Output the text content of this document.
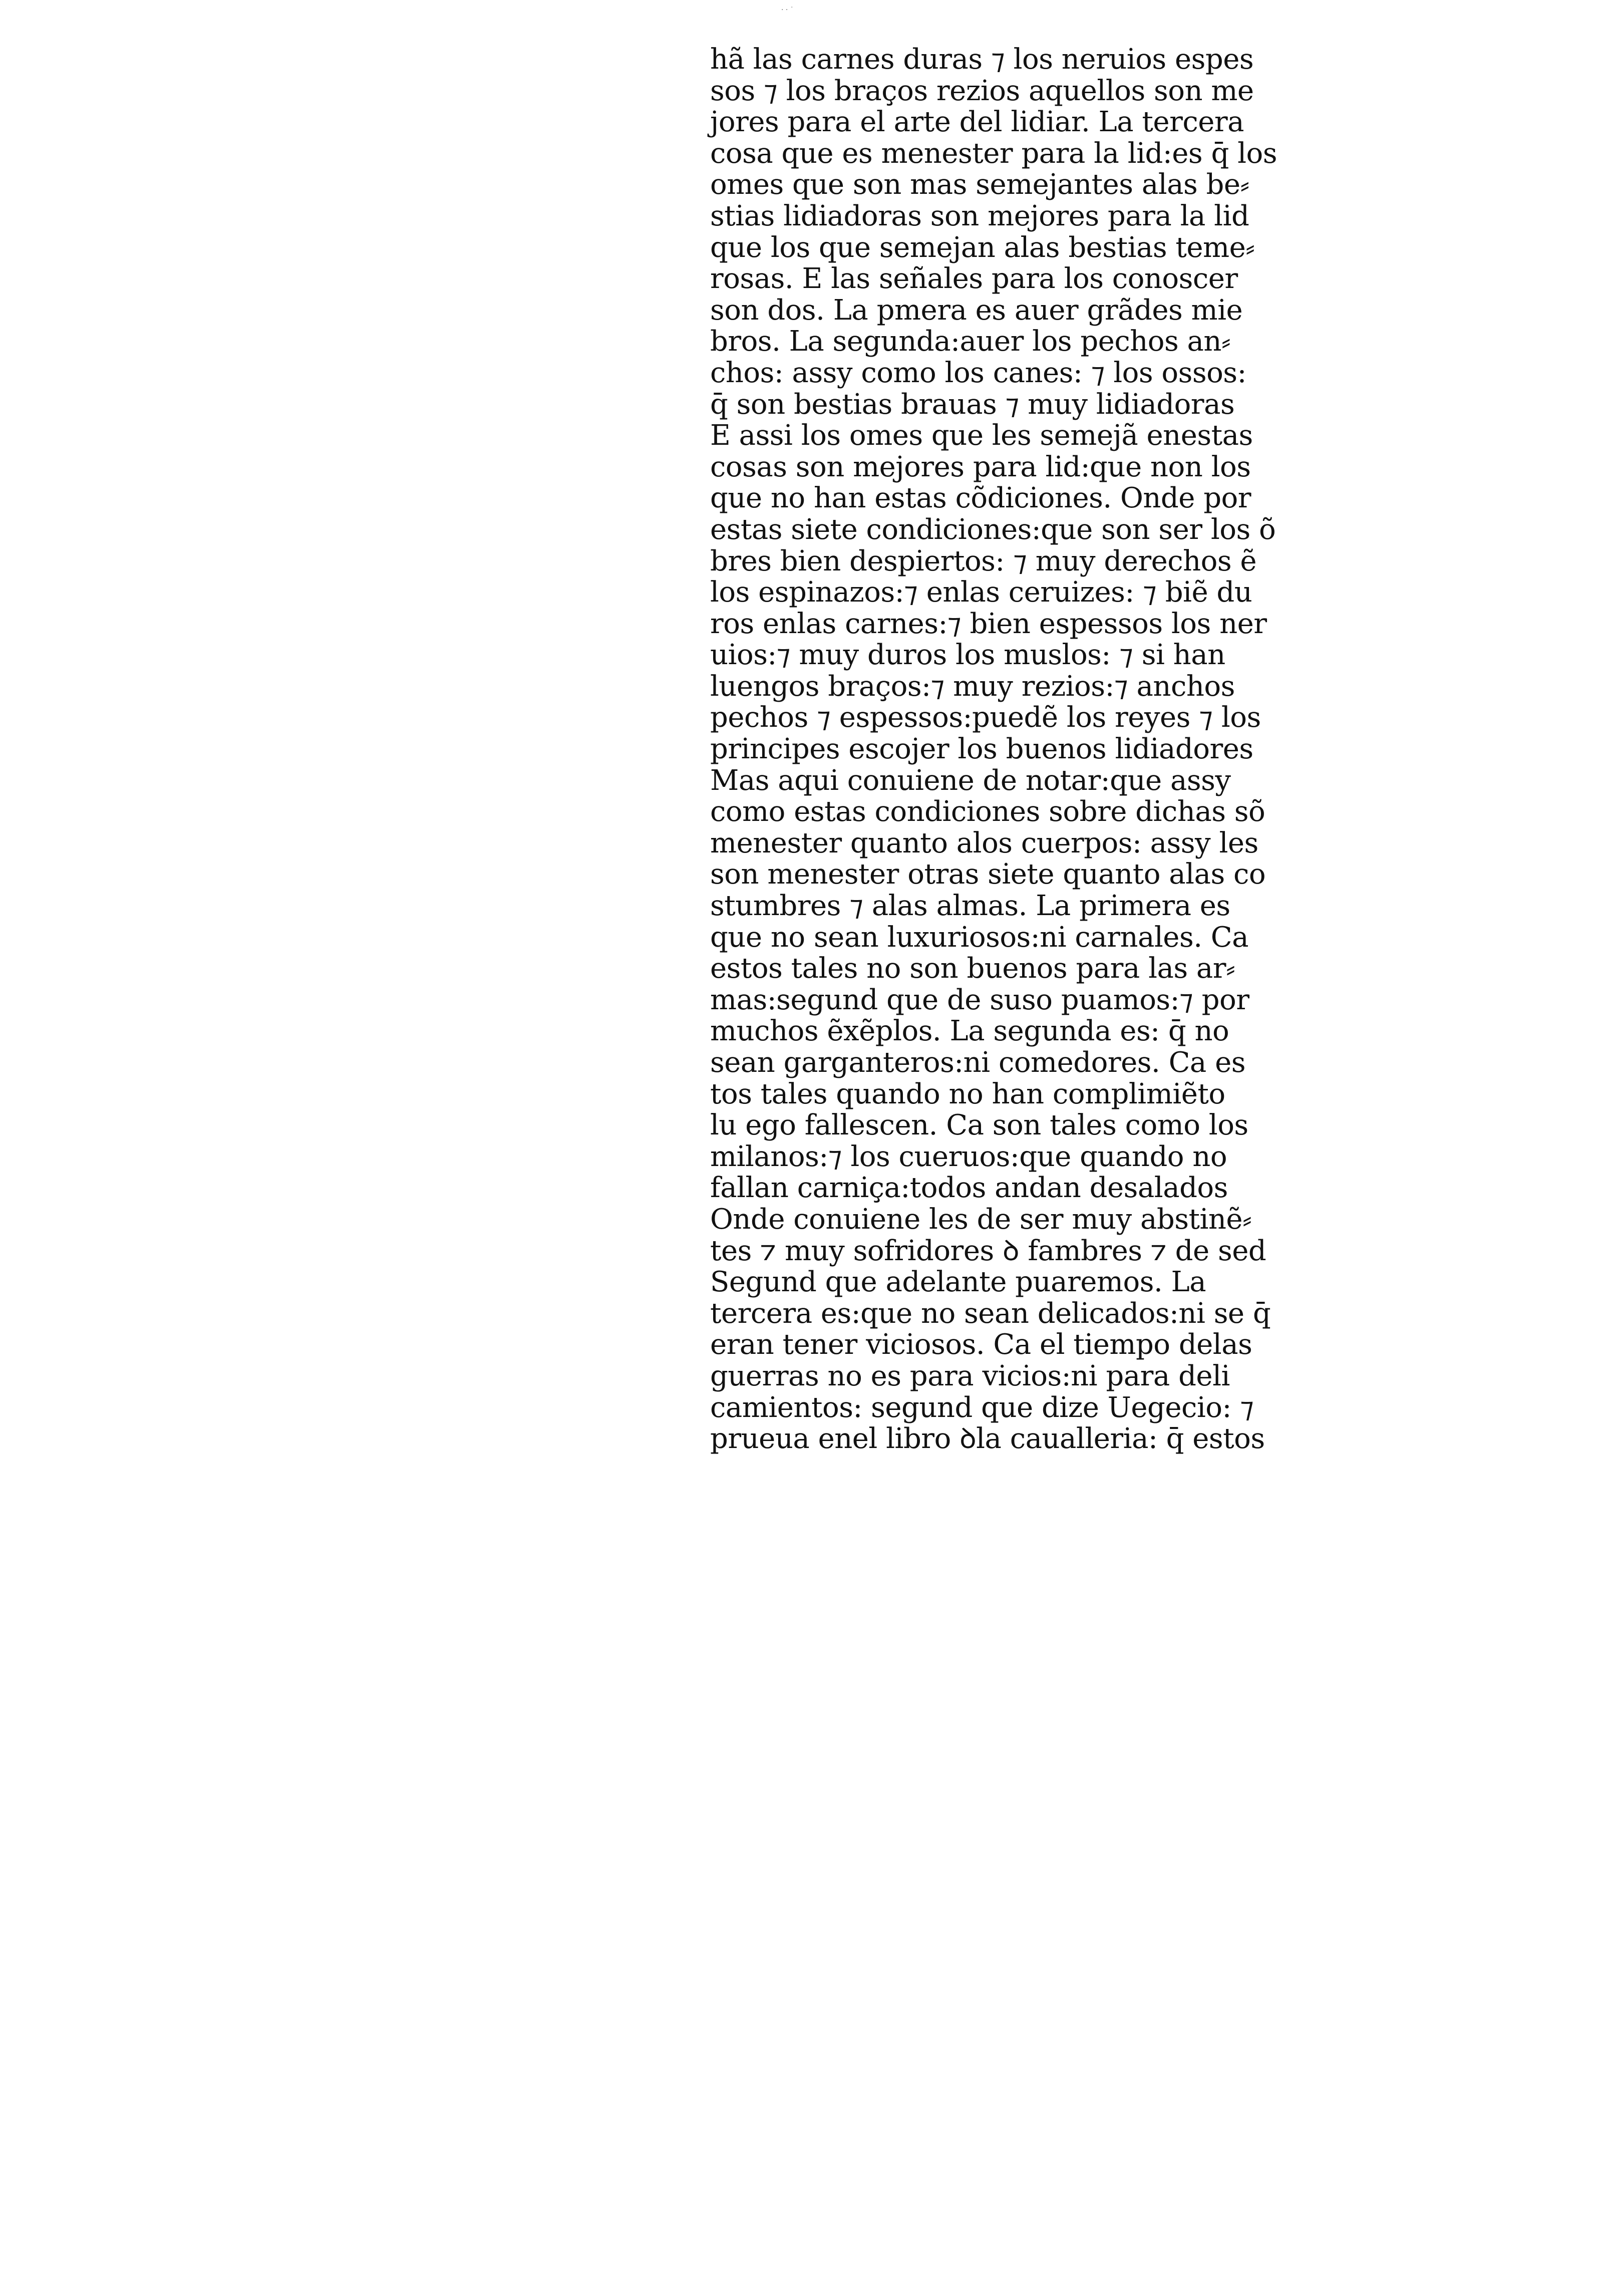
· · ˙
hã las carnes duras ⁊ los neruios espes
sos ⁊ los braços rezios aquellos son me
jores para el arte del lidiar. La tercera
cosa que es menester para la lid:es q̄ los
omes que son mas semejantes alas be⸗
stias lidiadoras son mejores para la lid
que los que semejan alas bestias teme⸗
rosas. E las señales para los conoscer
son dos. La pmera es auer grãdes mie
bros. La segunda:auer los pechos an⸗
chos: assy como los canes: ⁊ los ossos:
q̄ son bestias brauas ⁊ muy lidiadoras
E assi los omes que les semejã enestas
cosas son mejores para lid:que non los
que no han estas cõdiciones. Onde por
estas siete condiciones:que son ser los õ
bres bien despiertos: ⁊ muy derechos ẽ
los espinazos:⁊ enlas ceruizes: ⁊ biẽ du
ros enlas carnes:⁊ bien espessos los ner
uios:⁊ muy duros los muslos: ⁊ si han
luengos braços:⁊ muy rezios:⁊ anchos
pechos ⁊ espessos:puedẽ los reyes ⁊ los
principes escojer los buenos lidiadores
Mas aqui conuiene de notar:que assy
como estas condiciones sobre dichas sõ
menester quanto alos cuerpos: assy les
son menester otras siete quanto alas co
stumbres ⁊ alas almas. La primera es
que no sean luxuriosos:ni carnales. Ca
estos tales no son buenos para las ar⸗
mas:segund que de suso puamos:⁊ por
muchos ẽxẽplos. La segunda es: q̄ no
sean garganteros:ni comedores. Ca es
tos tales quando no han complimiẽto
lu ego fallescen. Ca son tales como los
milanos:⁊ los cueruos:que quando no
fallan carniça:todos andan desalados
Onde conuiene les de ser muy abstinẽ⸗
tes ⁊ muy sofridores ꝺ fambres ⁊ de sed
Segund que adelante puaremos. La
tercera es:que no sean delicados:ni se q̄
eran tener viciosos. Ca el tiempo delas
guerras no es para vicios:ni para deli
camientos: segund que dize Uegecio: ⁊
prueua enel libro ꝺla caualleria: q̄ estos
